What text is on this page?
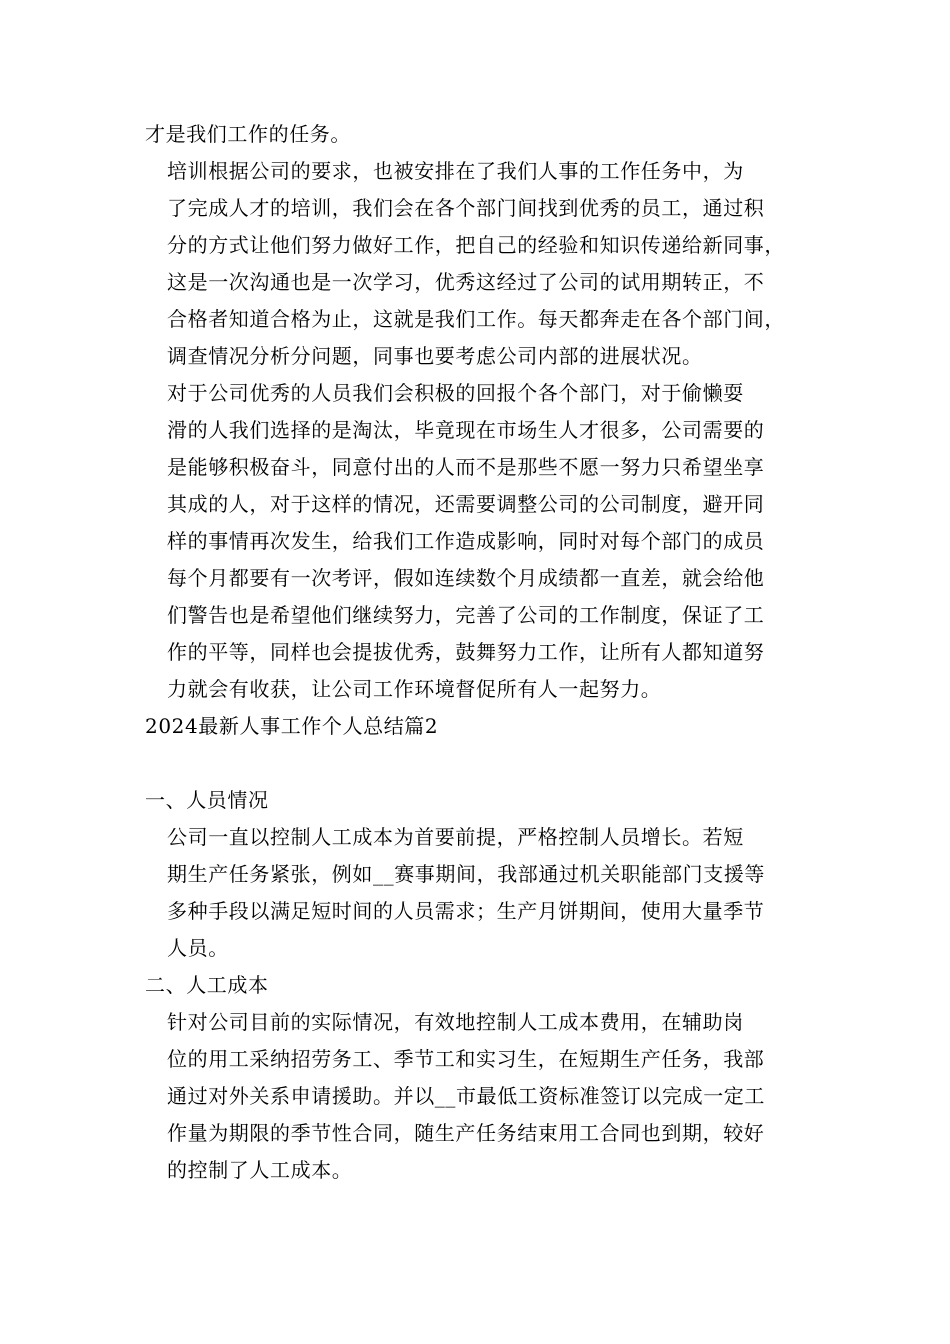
才是我们工作的任务。

培训根据公司的要求，也被安排在了我们人事的工作任务中，为
了完成人才的培训，我们会在各个部门间找到优秀的员工，通过积
分的方式让他们努力做好工作，把自己的经验和知识传递给新同事，
这是一次沟通也是一次学习，优秀这经过了公司的试用期转正，不
合格者知道合格为止，这就是我们工作。每天都奔走在各个部门间，
调查情况分析分问题，同事也要考虑公司内部的进展状况。

对于公司优秀的人员我们会积极的回报个各个部门，对于偷懒耍
滑的人我们选择的是淘汰，毕竟现在市场生人才很多，公司需要的
是能够积极奋斗，同意付出的人而不是那些不愿一努力只希望坐享
其成的人，对于这样的情况，还需要调整公司的公司制度，避开同
样的事情再次发生，给我们工作造成影响，同时对每个部门的成员
每个月都要有一次考评，假如连续数个月成绩都一直差，就会给他
们警告也是希望他们继续努力，完善了公司的工作制度，保证了工
作的平等，同样也会提拔优秀，鼓舞努力工作，让所有人都知道努
力就会有收获，让公司工作环境督促所有人一起努力。

2024最新人事工作个人总结篇2

一、人员情况

公司一直以控制人工成本为首要前提，严格控制人员增长。若短
期生产任务紧张，例如__赛事期间，我部通过机关职能部门支援等
多种手段以满足短时间的人员需求；生产月饼期间，使用大量季节
人员。

二、人工成本

针对公司目前的实际情况，有效地控制人工成本费用，在辅助岗
位的用工采纳招劳务工、季节工和实习生，在短期生产任务，我部
通过对外关系申请援助。并以__市最低工资标准签订以完成一定工
作量为期限的季节性合同，随生产任务结束用工合同也到期，较好
的控制了人工成本。
